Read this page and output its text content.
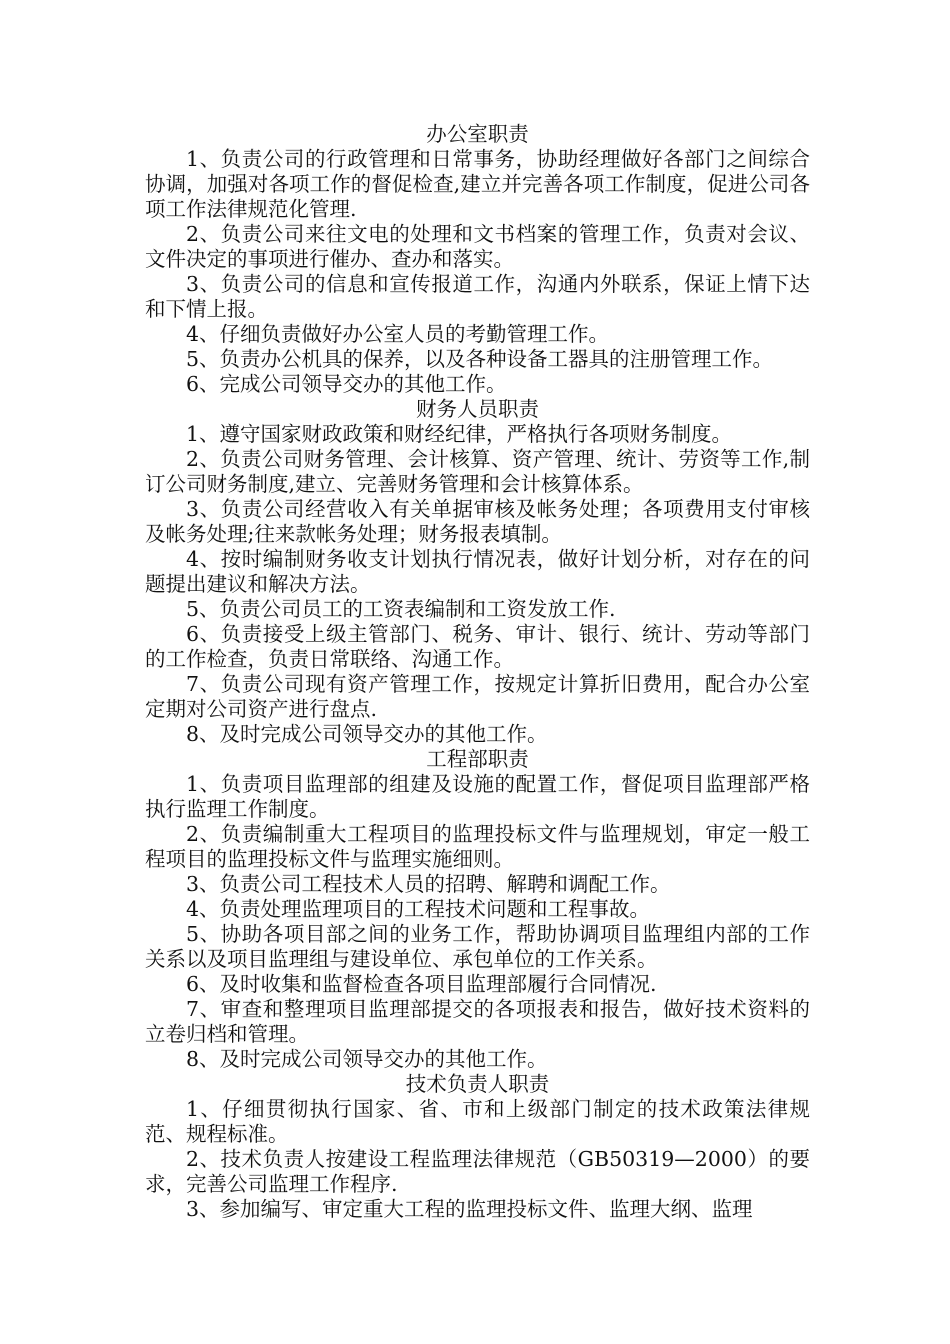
办公室职责

1、负责公司的行政管理和日常事务，协助经理做好各部门之间综合协调，加强对各项工作的督促检查,建立并完善各项工作制度，促进公司各项工作法律规范化管理.

2、负责公司来往文电的处理和文书档案的管理工作，负责对会议、文件决定的事项进行催办、查办和落实。

3、负责公司的信息和宣传报道工作，沟通内外联系，保证上情下达和下情上报。

4、仔细负责做好办公室人员的考勤管理工作。

5、负责办公机具的保养，以及各种设备工器具的注册管理工作。

6、完成公司领导交办的其他工作。

财务人员职责

1、遵守国家财政政策和财经纪律，严格执行各项财务制度。

2、负责公司财务管理、会计核算、资产管理、统计、劳资等工作,制订公司财务制度,建立、完善财务管理和会计核算体系。

3、负责公司经营收入有关单据审核及帐务处理；各项费用支付审核及帐务处理;往来款帐务处理；财务报表填制。

4、按时编制财务收支计划执行情况表，做好计划分析，对存在的问题提出建议和解决方法。

5、负责公司员工的工资表编制和工资发放工作.

6、负责接受上级主管部门、税务、审计、银行、统计、劳动等部门的工作检查，负责日常联络、沟通工作。

7、负责公司现有资产管理工作，按规定计算折旧费用，配合办公室定期对公司资产进行盘点.

8、及时完成公司领导交办的其他工作。

工程部职责

1、负责项目监理部的组建及设施的配置工作，督促项目监理部严格执行监理工作制度。

2、负责编制重大工程项目的监理投标文件与监理规划，审定一般工程项目的监理投标文件与监理实施细则。

3、负责公司工程技术人员的招聘、解聘和调配工作。

4、负责处理监理项目的工程技术问题和工程事故。

5、协助各项目部之间的业务工作，帮助协调项目监理组内部的工作关系以及项目监理组与建设单位、承包单位的工作关系。

6、及时收集和监督检查各项目监理部履行合同情况.

7、审查和整理项目监理部提交的各项报表和报告，做好技术资料的立卷归档和管理。

8、及时完成公司领导交办的其他工作。

技术负责人职责

1、仔细贯彻执行国家、省、市和上级部门制定的技术政策法律规范、规程标准。

2、技术负责人按建设工程监理法律规范（GB50319—2000）的要求，完善公司监理工作程序.

3、参加编写、审定重大工程的监理投标文件、监理大纲、监理
